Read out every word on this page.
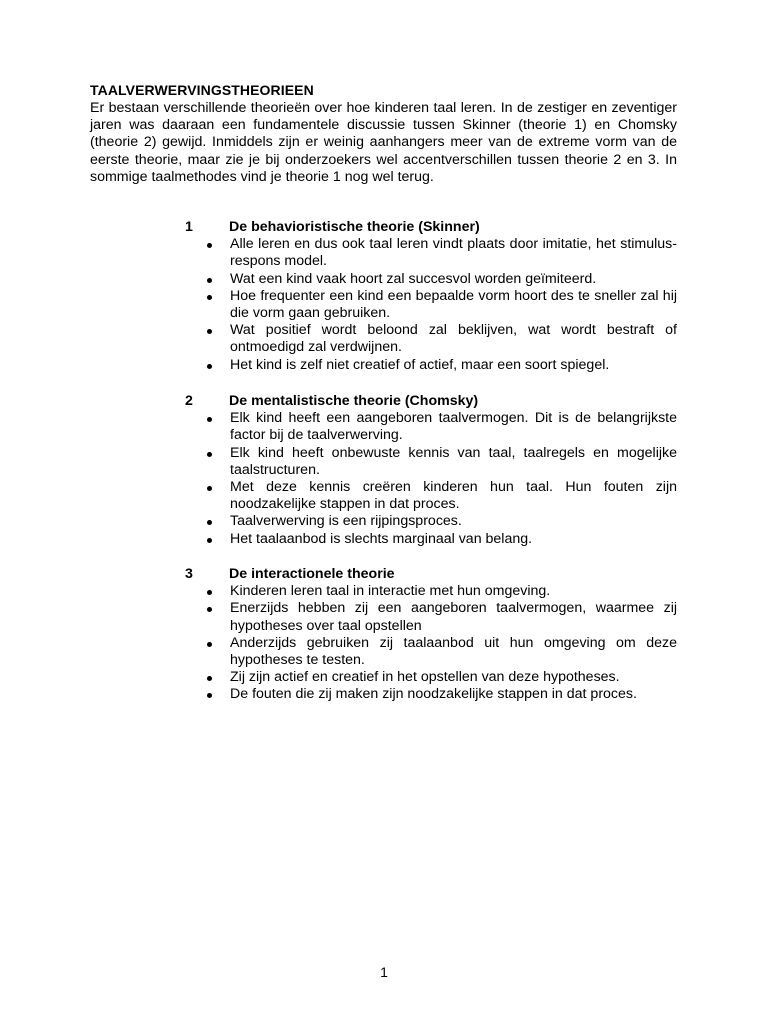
TAALVERWERVINGSTHEORIEEN
Er bestaan verschillende theorieën over hoe kinderen taal leren. In de zestiger en zeventiger jaren was daaraan een fundamentele discussie tussen Skinner (theorie 1) en Chomsky (theorie 2) gewijd. Inmiddels zijn er weinig aanhangers meer van de extreme vorm van de eerste theorie, maar zie je bij onderzoekers wel accentverschillen tussen theorie 2 en 3. In sommige taalmethodes vind je theorie 1 nog wel terug.
1	De behavioristische theorie (Skinner)
Alle leren en dus ook taal leren vindt plaats door imitatie, het stimulus-respons model.
Wat een kind vaak hoort zal succesvol worden geïmiteerd.
Hoe frequenter een kind een bepaalde vorm hoort des te sneller zal hij die vorm gaan gebruiken.
Wat positief wordt beloond zal beklijven, wat wordt bestraft of ontmoedigd zal verdwijnen.
Het kind is zelf niet creatief of actief, maar een soort spiegel.
2	De mentalistische theorie (Chomsky)
Elk kind heeft een aangeboren taalvermogen. Dit is de belangrijkste factor bij de taalverwerving.
Elk kind heeft onbewuste kennis van taal, taalregels en mogelijke taalstructuren.
Met deze kennis creëren kinderen hun taal. Hun fouten zijn noodzakelijke stappen in dat proces.
Taalverwerving is een rijpingsproces.
Het taalaanbod is slechts marginaal van belang.
3	De interactionele theorie
Kinderen leren taal in interactie met hun omgeving.
Enerzijds hebben zij een aangeboren taalvermogen, waarmee zij hypotheses over taal opstellen
Anderzijds gebruiken zij taalaanbod uit hun omgeving om deze hypotheses te testen.
Zij zijn actief en creatief in het opstellen van deze hypotheses.
De fouten die zij maken zijn noodzakelijke stappen in dat proces.
1
